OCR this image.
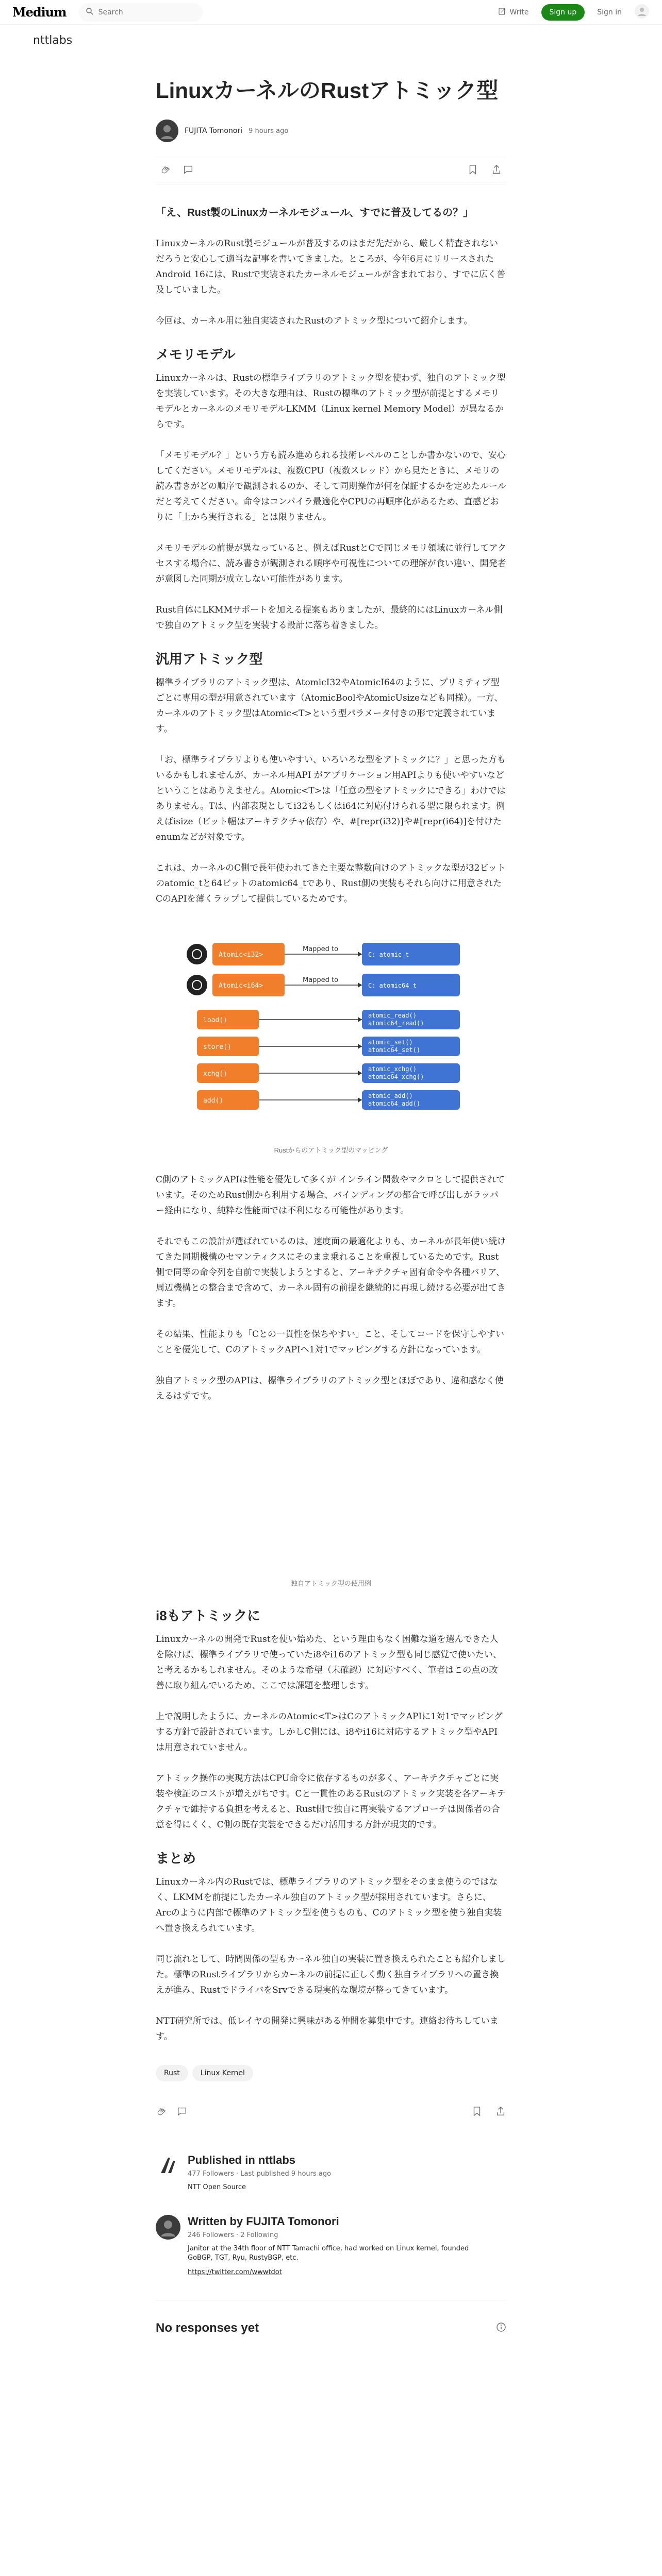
Medium
Search	Write	Sign up	Sign in
nttlabs
LinuxカーネルのRustアトミック型
FUJITA Tomonori 9 hours ago
「え、Rust製のLinuxカーネルモジュール、すでに普及してるの？」

LinuxカーネルのRust製モジュールが普及するのはまだ先だから、厳しく精査されないだろうと安心して適当な記事を書いてきました。ところが、今年6月にリリースされたAndroid 16には、Rustで実装されたカーネルモジュールが含まれており、すでに広く普及していました。

今回は、カーネル用に独自実装されたRustのアトミック型について紹介します。

メモリモデル

Linuxカーネルは、Rustの標準ライブラリのアトミック型を使わず、独自のアトミック型を実装しています。その大きな理由は、Rustの標準のアトミック型が前提とするメモリモデルとカーネルのメモリモデルLKMM（Linux kernel Memory Model）が異なるからです。

「メモリモデル？」という方も読み進められる技術レベルのことしか書かないので、安心してください。メモリモデルは、複数CPU（複数スレッド）から見たときに、メモリの読み書きがどの順序で観測されるのか、そして同期操作が何を保証するかを定めたルールだと考えてください。命令はコンパイラ最適化やCPUの再順序化があるため、直感どおりに「上から実行される」とは限りません。

メモリモデルの前提が異なっていると、例えばRustとCで同じメモリ領域に並行してアクセスする場合に、読み書きが観測される順序や可視性についての理解が食い違い、開発者が意図した同期が成立しない可能性があります。

Rust自体にLKMMサポートを加える提案もありましたが、最終的にはLinuxカーネル側で独自のアトミック型を実装する設計に落ち着きました。

汎用アトミック型

標準ライブラリのアトミック型は、AtomicI32やAtomicI64のように、プリミティブ型ごとに専用の型が用意されています（AtomicBoolやAtomicUsizeなども同様）。一方、カーネルのアトミック型はAtomic<T>という型パラメータ付きの形で定義されています。

「お、標準ライブラリよりも使いやすい、いろいろな型をアトミックに？」と思った方もいるかもしれませんが、カーネル用API がアプリケーション用APIよりも使いやすいなどということはありえません。Atomic<T>は「任意の型をアトミックにできる」わけではありません。Tは、内部表現としてi32もしくはi64に対応付けられる型に限られます。例えばisize（ビット幅はアーキテクチャ依存）や、#[repr(i32)]や#[repr(i64)]を付けたenumなどが対象です。

これは、カーネルのC側で長年使われてきた主要な整数向けのアトミックな型が32ビットのatomic_tと64ビットのatomic64_tであり、Rust側の実装もそれら向けに用意されたCのAPIを薄くラップして提供しているためです。

Atomic<i32>
Mapped to
C: atomic_t
Atomic<i64>
Mapped to
C: atomic64_t
load()
atomic_read()
atomic64_read()
store()
atomic_set()
atomic64_set()
xchg()
atomic_xchg()
atomic64_xchg()
add()
atomic_add()
atomic64_add()
Rustからのアトミック型のマッピング

C側のアトミックAPIは性能を優先して多くが インライン関数やマクロとして提供されています。そのためRust側から利用する場合、バインディングの都合で呼び出しがラッパー経由になり、純粋な性能面では不利になる可能性があります。

それでもこの設計が選ばれているのは、速度面の最適化よりも、カーネルが長年使い続けてきた同期機構のセマンティクスにそのまま乗れることを重視しているためです。Rust側で同等の命令列を自前で実装しようとすると、アーキテクチャ固有命令や各種バリア、周辺機構との整合まで含めて、カーネル固有の前提を継続的に再現し続ける必要が出てきます。

その結果、性能よりも「Cとの一貫性を保ちやすい」こと、そしてコードを保守しやすいことを優先して、CのアトミックAPIへ1対1でマッピングする方針になっています。

独自アトミック型のAPIは、標準ライブラリのアトミック型とほぼであり、違和感なく使えるはずです。

独自アトミック型の使用例
i8もアトミックに

Linuxカーネルの開発でRustを使い始めた、という理由もなく困難な道を選んできた人を除けば、標準ライブラリで使っていたi8やi16のアトミック型も同じ感覚で使いたい、と考えるかもしれません。そのような希望（未確認）に対応すべく、筆者はこの点の改善に取り組んでいるため、ここでは課題を整理します。

上で説明したように、カーネルのAtomic<T>はCのアトミックAPIに1対1でマッピングする方針で設計されています。しかしC側には、i8やi16に対応するアトミック型やAPIは用意されていません。

アトミック操作の実現方法はCPU命令に依存するものが多く、アーキテクチャごとに実装や検証のコストが増えがちです。Cと一貫性のあるRustのアトミック実装を各アーキテクチャで維持する負担を考えると、Rust側で独自に再実装するアプローチは関係者の合意を得にくく、C側の既存実装をできるだけ活用する方針が現実的です。

まとめ

Linuxカーネル内のRustでは、標準ライブラリのアトミック型をそのまま使うのではなく、LKMMを前提にしたカーネル独自のアトミック型が採用されています。さらに、Arcのように内部で標準のアトミック型を使うものも、Cのアトミック型を使う独自実装へ置き換えられています。

同じ流れとして、時間関係の型もカーネル独自の実装に置き換えられたことも紹介しました。標準のRustライブラリからカーネルの前提に正しく動く独自ライブラリへの置き換えが進み、RustでドライバをSrvできる現実的な環境が整ってきています。

NTT研究所では、低レイヤの開発に興味がある仲間を募集中です。連絡お待ちしています。

Rust	Linux Kernel
Published in nttlabs
477 Followers · Last published 9 hours ago
NTT Open Source
Written by FUJITA Tomonori
246 Followers · 2 Following
Janitor at the 34th floor of NTT Tamachi office, had worked on Linux kernel, founded GoBGP, TGT, Ryu, RustyBGP, etc.
https://twitter.com/wwwtdot
No responses yet
